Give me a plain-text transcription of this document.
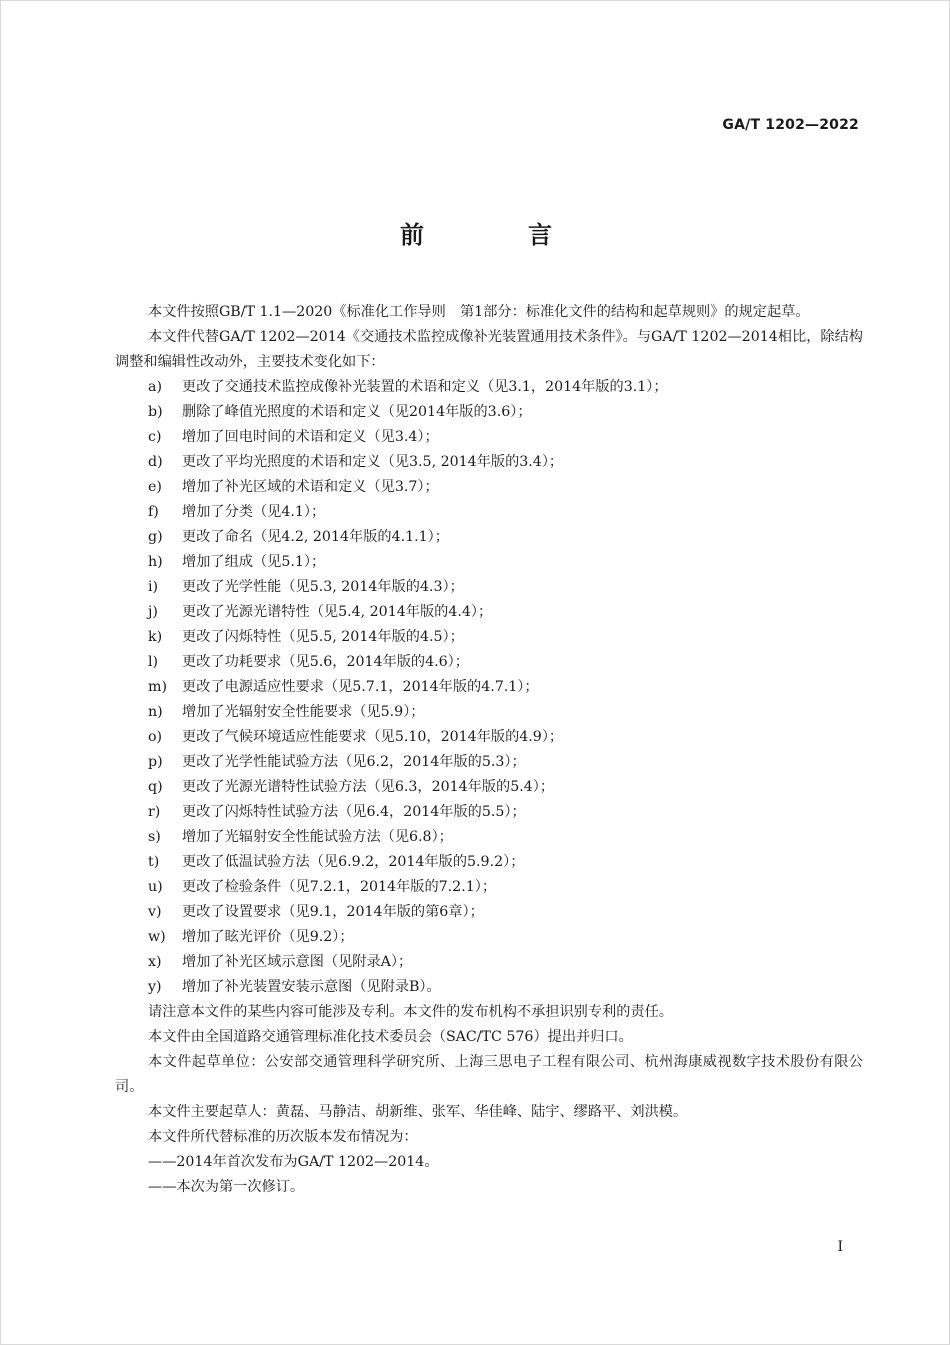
GA/T 1202—2022
前　言

本文件按照GB/T 1.1—2020《标准化工作导则　第1部分：标准化文件的结构和起草规则》的规定起草。

本文件代替GA/T 1202—2014《交通技术监控成像补光装置通用技术条件》。与GA/T 1202—2014相比，除结构调整和编辑性改动外，主要技术变化如下：

a) 更改了交通技术监控成像补光装置的术语和定义（见3.1，2014年版的3.1）；
b) 删除了峰值光照度的术语和定义（见2014年版的3.6）；
c) 增加了回电时间的术语和定义（见3.4）；
d) 更改了平均光照度的术语和定义（见3.5, 2014年版的3.4）；
e) 增加了补光区域的术语和定义（见3.7）；
f) 增加了分类（见4.1）；
g) 更改了命名（见4.2, 2014年版的4.1.1）；
h) 增加了组成（见5.1）；
i) 更改了光学性能（见5.3, 2014年版的4.3）；
j) 更改了光源光谱特性（见5.4, 2014年版的4.4）；
k) 更改了闪烁特性（见5.5, 2014年版的4.5）；
l) 更改了功耗要求（见5.6，2014年版的4.6）；
m) 更改了电源适应性要求（见5.7.1，2014年版的4.7.1）；
n) 增加了光辐射安全性能要求（见5.9）；
o) 更改了气候环境适应性能要求（见5.10，2014年版的4.9）；
p) 更改了光学性能试验方法（见6.2，2014年版的5.3）；
q) 更改了光源光谱特性试验方法（见6.3，2014年版的5.4）；
r) 更改了闪烁特性试验方法（见6.4，2014年版的5.5）；
s) 增加了光辐射安全性能试验方法（见6.8）；
t) 更改了低温试验方法（见6.9.2，2014年版的5.9.2）；
u) 更改了检验条件（见7.2.1，2014年版的7.2.1）；
v) 更改了设置要求（见9.1，2014年版的第6章）；
w) 增加了眩光评价（见9.2）；
x) 增加了补光区域示意图（见附录A）；
y) 增加了补光装置安装示意图（见附录B）。

请注意本文件的某些内容可能涉及专利。本文件的发布机构不承担识别专利的责任。

本文件由全国道路交通管理标准化技术委员会（SAC/TC 576）提出并归口。

本文件起草单位：公安部交通管理科学研究所、上海三思电子工程有限公司、杭州海康威视数字技术股份有限公司。

本文件主要起草人：黄磊、马静洁、胡新维、张军、华佳峰、陆宇、缪路平、刘洪模。

本文件所代替标准的历次版本发布情况为：

——2014年首次发布为GA/T 1202—2014。

——本次为第一次修订。

I
